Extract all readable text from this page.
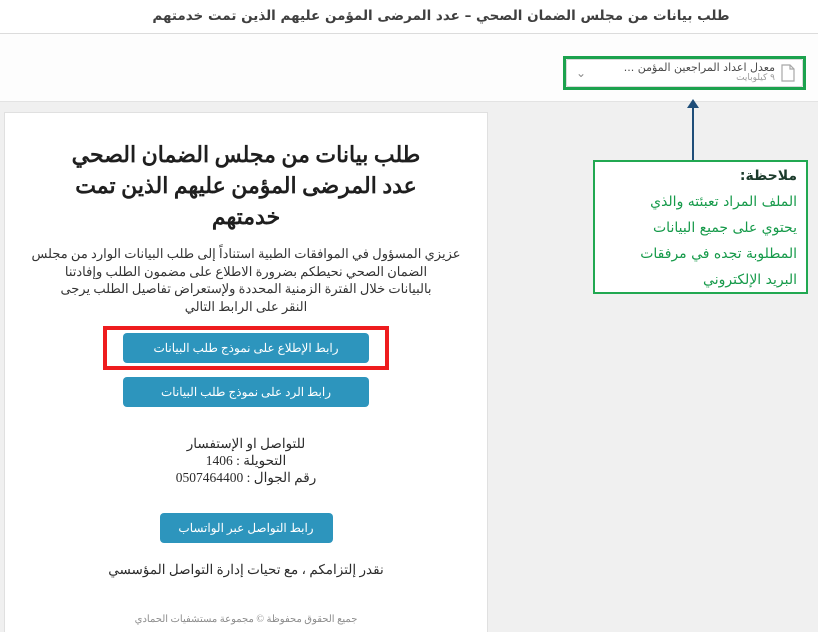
طلب بيانات من مجلس الضمان الصحي – عدد المرضى المؤمن عليهم الذين تمت خدمتهم
معدل اعداد المراجعين المؤمن ...
٩ كيلوبايت
⌄
طلب بيانات من مجلس الضمان الصحي
عدد المرضى المؤمن عليهم الذين تمت
خدمتهم
عزيزي المسؤول في الموافقات الطبية استناداً إلى طلب البيانات الوارد من مجلس
الضمان الصحي نحيطكم بضرورة الاطلاع على مضمون الطلب وإفادتنا
بالبيانات خلال الفترة الزمنية المحددة ولإستعراض تفاصيل الطلب يرجى
النقر على الرابط التالي
رابط الإطلاع على نموذج طلب البيانات
رابط الرد على نموذج طلب البيانات
للتواصل او الإستفسار
التحويلة : 1406
رقم الجوال : 0507464400
رابط التواصل عبر الواتساب
نقدر إلتزامكم ، مع تحيات إدارة التواصل المؤسسي
جميع الحقوق محفوظة © مجموعة مستشفيات الحمادي
ملاحظة:
الملف المراد تعبئته والذي
يحتوي على جميع البيانات
المطلوبة تجده في مرفقات
البريد الإلكتروني
